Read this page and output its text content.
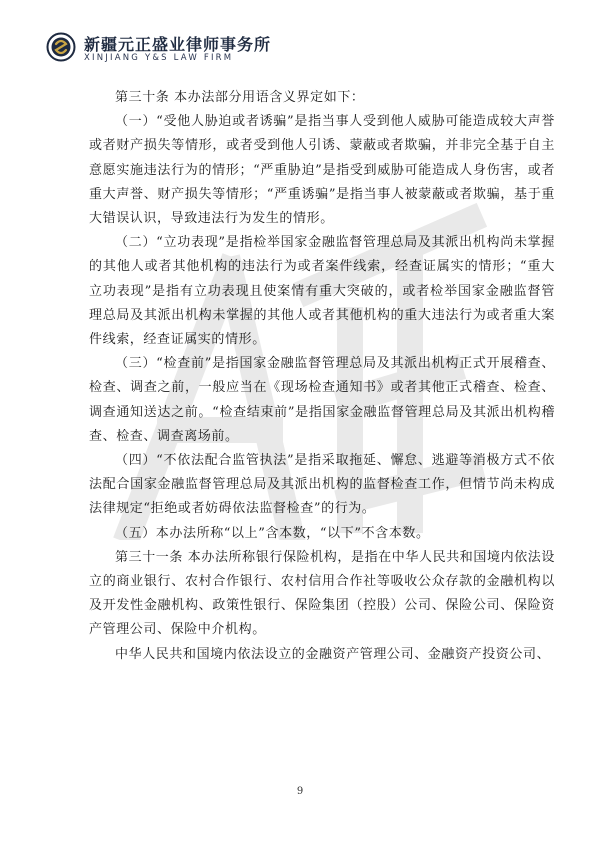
新疆元正盛业律师事务所
XINJIANG Y&S LAW FIRM

第三十条 本办法部分用语含义界定如下：

（一）“受他人胁迫或者诱骗”是指当事人受到他人威胁可能造成较大声誉或者财产损失等情形，或者受到他人引诱、蒙蔽或者欺骗，并非完全基于自主意愿实施违法行为的情形；“严重胁迫”是指受到威胁可能造成人身伤害，或者重大声誉、财产损失等情形；“严重诱骗”是指当事人被蒙蔽或者欺骗，基于重大错误认识，导致违法行为发生的情形。

（二）“立功表现”是指检举国家金融监督管理总局及其派出机构尚未掌握的其他人或者其他机构的违法行为或者案件线索，经查证属实的情形；“重大立功表现”是指有立功表现且使案情有重大突破的，或者检举国家金融监督管理总局及其派出机构未掌握的其他人或者其他机构的重大违法行为或者重大案件线索，经查证属实的情形。

（三）“检查前”是指国家金融监督管理总局及其派出机构正式开展稽查、检查、调查之前，一般应当在《现场检查通知书》或者其他正式稽查、检查、调查通知送达之前。“检查结束前”是指国家金融监督管理总局及其派出机构稽查、检查、调查离场前。

（四）“不依法配合监管执法”是指采取拖延、懈怠、逃避等消极方式不依法配合国家金融监督管理总局及其派出机构的监督检查工作，但情节尚未构成法律规定“拒绝或者妨碍依法监督检查”的行为。

（五）本办法所称“以上”含本数，“以下”不含本数。

第三十一条 本办法所称银行保险机构，是指在中华人民共和国境内依法设立的商业银行、农村合作银行、农村信用合作社等吸收公众存款的金融机构以及开发性金融机构、政策性银行、保险集团（控股）公司、保险公司、保险资产管理公司、保险中介机构。

中华人民共和国境内依法设立的金融资产管理公司、金融资产投资公司、

9
